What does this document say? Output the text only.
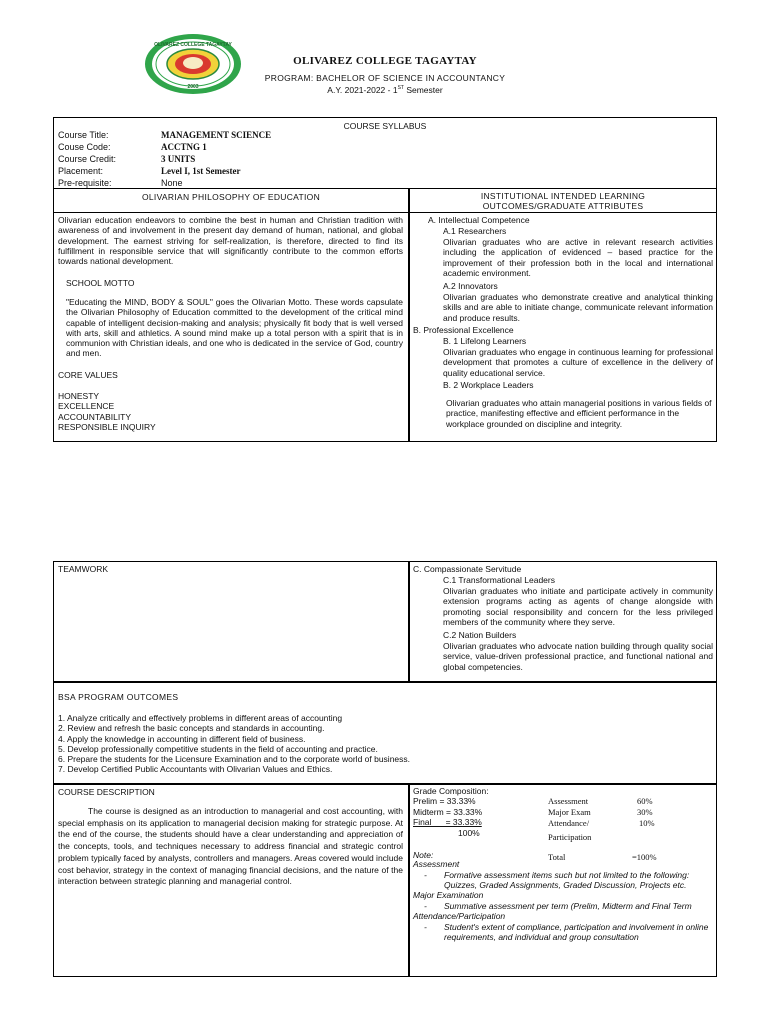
OLIVAREZ COLLEGE TAGAYTAY
2003
OLIVAREZ COLLEGE TAGAYTAY
PROGRAM: BACHELOR OF SCIENCE IN ACCOUNTANCY
A.Y. 2021-2022 - 1ST Semester
COURSE SYLLABUS
Course Title:	MANAGEMENT SCIENCE
Couse Code:	ACCTNG 1
Course Credit:	3 UNITS
Placement:	Level I, 1st Semester
Pre-requisite:	None
OLIVARIAN PHILOSOPHY OF EDUCATION	INSTITUTIONAL INTENDED LEARNING
OUTCOMES/GRADUATE ATTRIBUTES
Olivarian education endeavors to combine the best in human and Christian tradition with awareness of and involvement in the present day demand of human, national, and global development. The earnest striving for self-realization, is therefore, directed to find its fulfillment in responsible service that will significantly contribute to the common efforts towards national development.
SCHOOL MOTTO
"Educating the MIND, BODY & SOUL" goes the Olivarian Motto. These words capsulate the Olivarian Philosophy of Education committed to the development of the critical mind capable of intelligent decision-making and analysis; physically fit body that is well versed with arts, skill and athletics. A sound mind make up a total person with a spirit that is in communion with Christian ideals, and one who is dedicated in the service of God, country and men.
CORE VALUES
HONESTY
EXCELLENCE
ACCOUNTABILITY
RESPONSIBLE INQUIRY
A. Intellectual Competence
A.1 Researchers
Olivarian graduates who are active in relevant research activities including the application of evidenced – based practice for the improvement of their profession both in the local and international academic environment.
A.2 Innovators
Olivarian graduates who demonstrate creative and analytical thinking skills and are able to initiate change, communicate relevant information and produce results.
B. Professional Excellence
B. 1 Lifelong Learners
Olivarian graduates who engage in continuous learning for professional development that promotes a culture of excellence in the delivery of quality educational service.
B. 2 Workplace Leaders
Olivarian graduates who attain managerial positions in various fields of practice, manifesting effective and efficient performance in the workplace grounded on discipline and integrity.
TEAMWORK	C. Compassionate Servitude
C.1 Transformational Leaders
Olivarian graduates who initiate and participate actively in community extension programs acting as agents of change alongside with promoting social responsibility and concern for the less privileged members of the community where they serve.
C.2 Nation Builders
Olivarian graduates who advocate nation building through quality social service, value-driven professional practice, and functional national and global competencies.
BSA PROGRAM OUTCOMES
1. Analyze critically and effectively problems in different areas of accounting
2. Review and refresh the basic concepts and standards in accounting.
4. Apply the knowledge in accounting in different field of business.
5. Develop professionally competitive students in the field of accounting and practice.
6. Prepare the students for the Licensure Examination and to the corporate world of business.
7. Develop Certified Public Accountants with Olivarian Values and Ethics.
COURSE DESCRIPTION
The course is designed as an introduction to managerial and cost accounting, with special emphasis on its application to managerial decision making for strategic purpose. At the end of the course, the students should have a clear understanding and appreciation of the concepts, tools, and techniques necessary to address financial and strategic control problem typically faced by analysts, controllers and managers. Areas covered would include cost behavior, strategy in the context of managing financial decisions, and the nature of the interaction between strategic planning and managerial control.
Grade Composition:
Prelim = 33.33%
Midterm = 33.33%
Final      = 33.33%
100%
Assessment	60%
Major Exam	30%
Attendance/	10%
Participation
Note:	Total	=100%
Assessment
-	Formative assessment items such but not limited to the following: Quizzes, Graded Assignments, Graded Discussion, Projects etc.
Major Examination
-	Summative assessment per term (Prelim, Midterm and Final Term
Attendance/Participation
-	Student's extent of compliance, participation and involvement in online requirements, and individual and group consultation
